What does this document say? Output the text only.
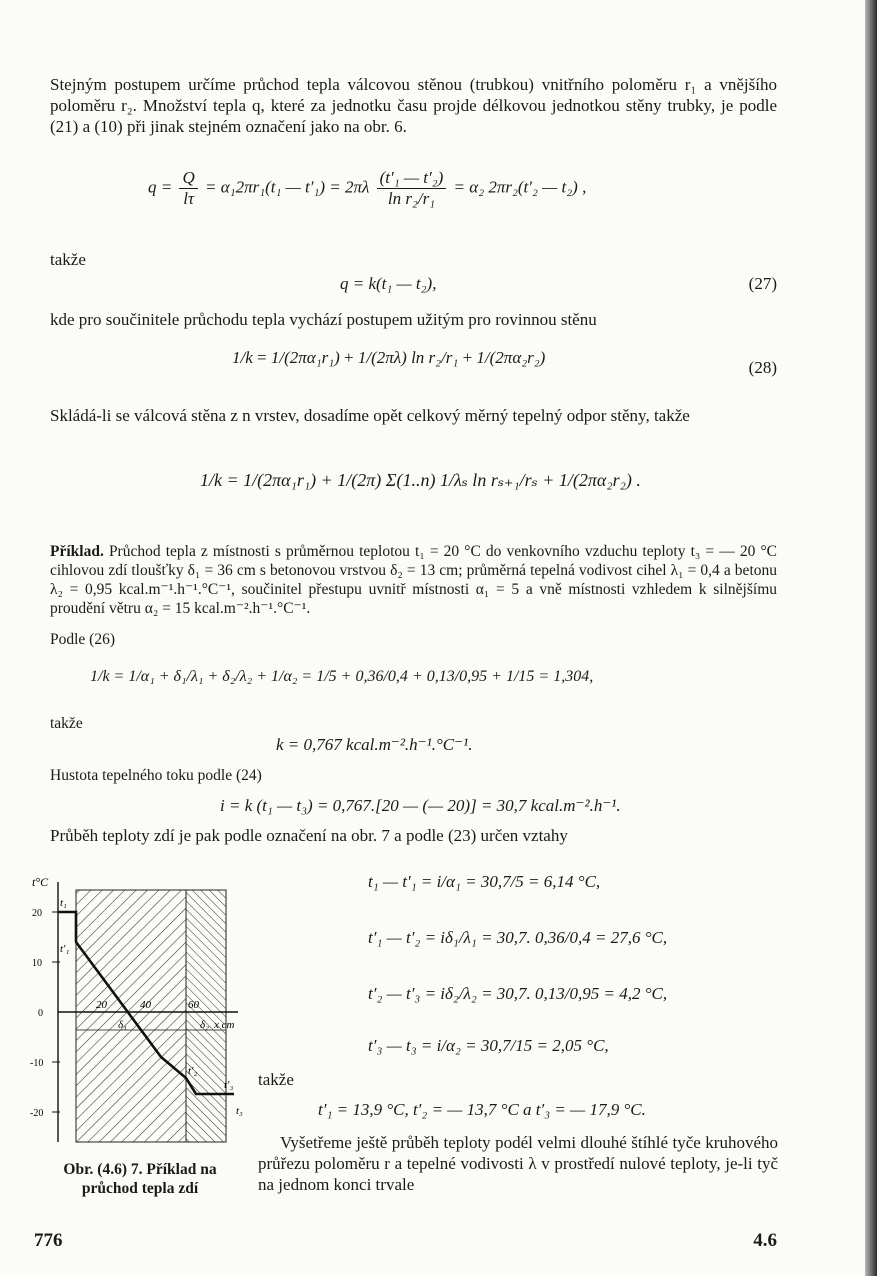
Stejným postupem určíme průchod tepla válcovou stěnou (trubkou) vnitřního poloměru r₁ a vnějšího poloměru r₂. Množství tepla q, které za jednotku času projde délkovou jednotkou stěny trubky, je podle (21) a (10) při jinak stejném označení jako na obr. 6.
$q = \frac{Q}{l\tau} = \alpha_12\pi r_1(t_1$ — $t'_1) = 2\pi\lambda \frac{\text{(t′₁ — t′₂)}}{\text{ln r₂/r₁}} = \alpha_2$ 2πr₂(t′₂ — t₂) ,
takže
q = k(t₁ — t₂),	(27)
kde pro součinitele průchodu tepla vychází postupem užitým pro rovinnou stěnu
1/k = 1/(2πα₁r₁) + 1/(2πλ) ln r₂/r₁ + 1/(2πα₂r₂)
(28)
Skládá-li se válcová stěna z n vrstev, dosadíme opět celkový měrný tepelný odpor stěny, takže
1/k = 1/(2πα₁r₁) + 1/(2π) Σ(1..n) 1/λₛ ln rₛ₊₁/rₛ + 1/(2πα₂r₂) .
Příklad. Průchod tepla z místnosti s průměrnou teplotou t₁ = 20 °C do venkovního vzduchu teploty t₃ = — 20 °C cihlovou zdí tloušťky δ₁ = 36 cm s betonovou vrstvou δ₂ = 13 cm; průměrná tepelná vodivost cihel λ₁ = 0,4 a betonu λ₂ = 0,95 kcal.m⁻¹.h⁻¹.°C⁻¹, součinitel přestupu uvnitř místnosti α₁ = 5 a vně místnosti vzhledem k silnějšímu proudění větru α₂ = 15 kcal.m⁻².h⁻¹.°C⁻¹.
Podle (26)
1/k = 1/α₁ + δ₁/λ₁ + δ₂/λ₂ + 1/α₂ = 1/5 + 0,36/0,4 + 0,13/0,95 + 1/15 = 1,304,
takže
k = 0,767 kcal.m⁻².h⁻¹.°C⁻¹.
Hustota tepelného toku podle (24)
i = k (t₁ — t₃) = 0,767.[20 — (— 20)] = 30,7 kcal.m⁻².h⁻¹.
Průběh teploty zdí je pak podle označení na obr. 7 a podle (23) určen vztahy
t°C
x cm
20
10
0
-10
-20
20	40	60
t₁
t′₁
δ₁	δ₂
t′₂
t′₃
t₃
Obr. (4.6) 7. Příklad na průchod tepla zdí
t₁ — t′₁ = i/α₁ = 30,7/5 = 6,14 °C,
t′₁ — t′₂ = iδ₁/λ₁ = 30,7. 0,36/0,4 = 27,6 °C,
t′₂ — t′₃ = iδ₂/λ₂ = 30,7. 0,13/0,95 = 4,2 °C,
t′₃ — t₃ = i/α₂ = 30,7/15 = 2,05 °C,
takže
t′₁ = 13,9 °C, t′₂ = — 13,7 °C a t′₃ = — 17,9 °C.
Vyšetřeme ještě průběh teploty podél velmi dlouhé štíhlé tyče kruhového průřezu poloměru r a tepelné vodivosti λ v prostředí nulové teploty, je-li tyč na jednom konci trvale
776	4.6
